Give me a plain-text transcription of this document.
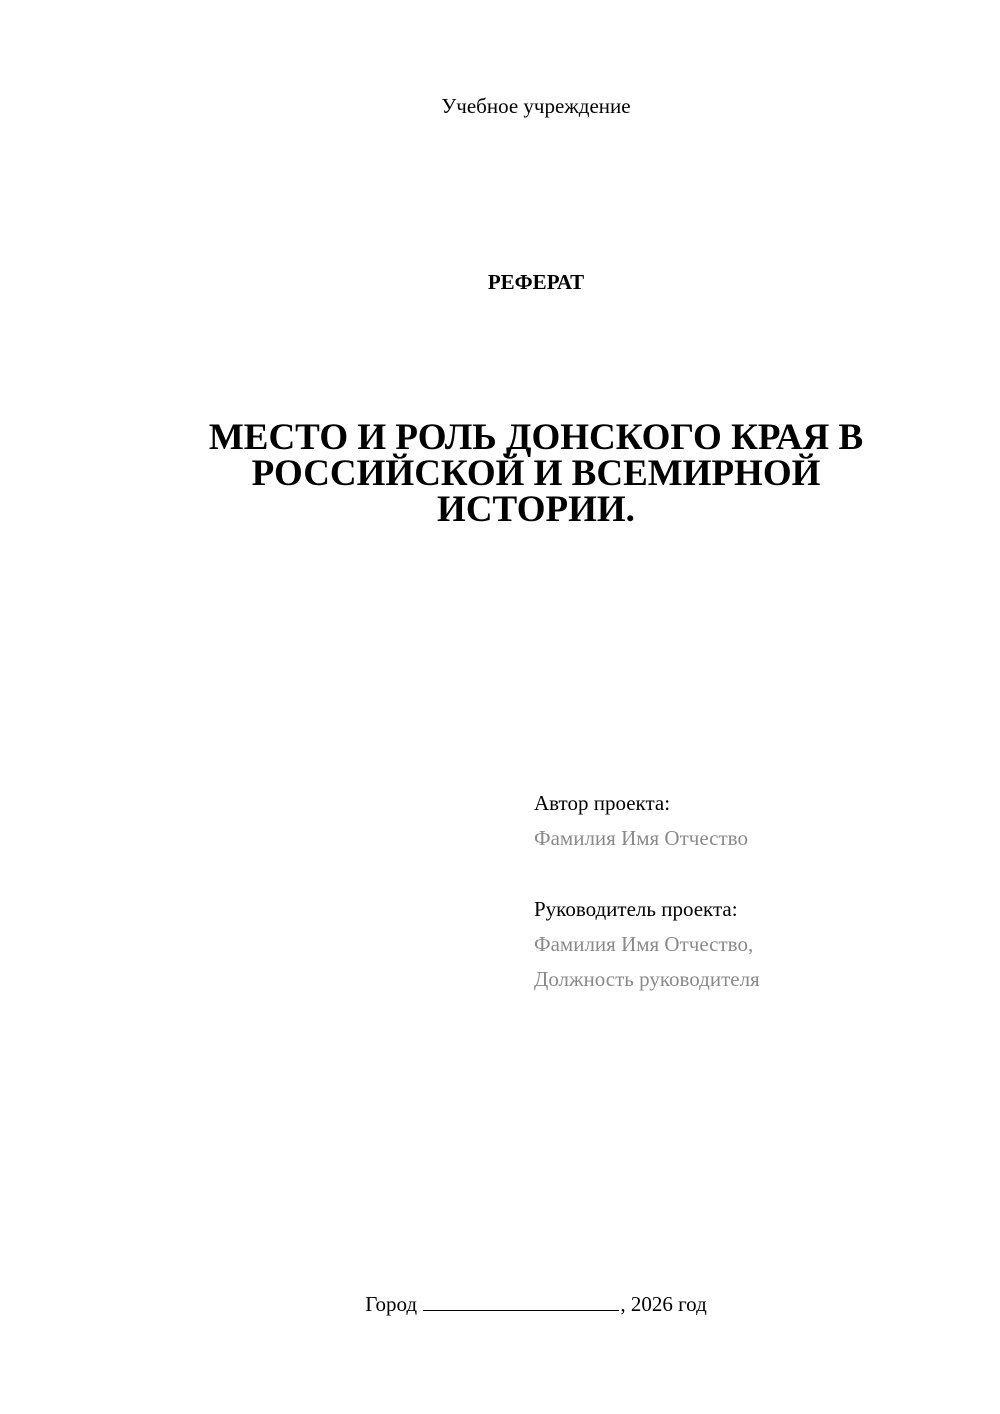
Учебное учреждение
РЕФЕРАТ
МЕСТО И РОЛЬ ДОНСКОГО КРАЯ В
РОССИЙСКОЙ И ВСЕМИРНОЙ
ИСТОРИИ.
Автор проекта:
Фамилия Имя Отчество
Руководитель проекта:
Фамилия Имя Отчество,
Должность руководителя
Город	, 2026 год
